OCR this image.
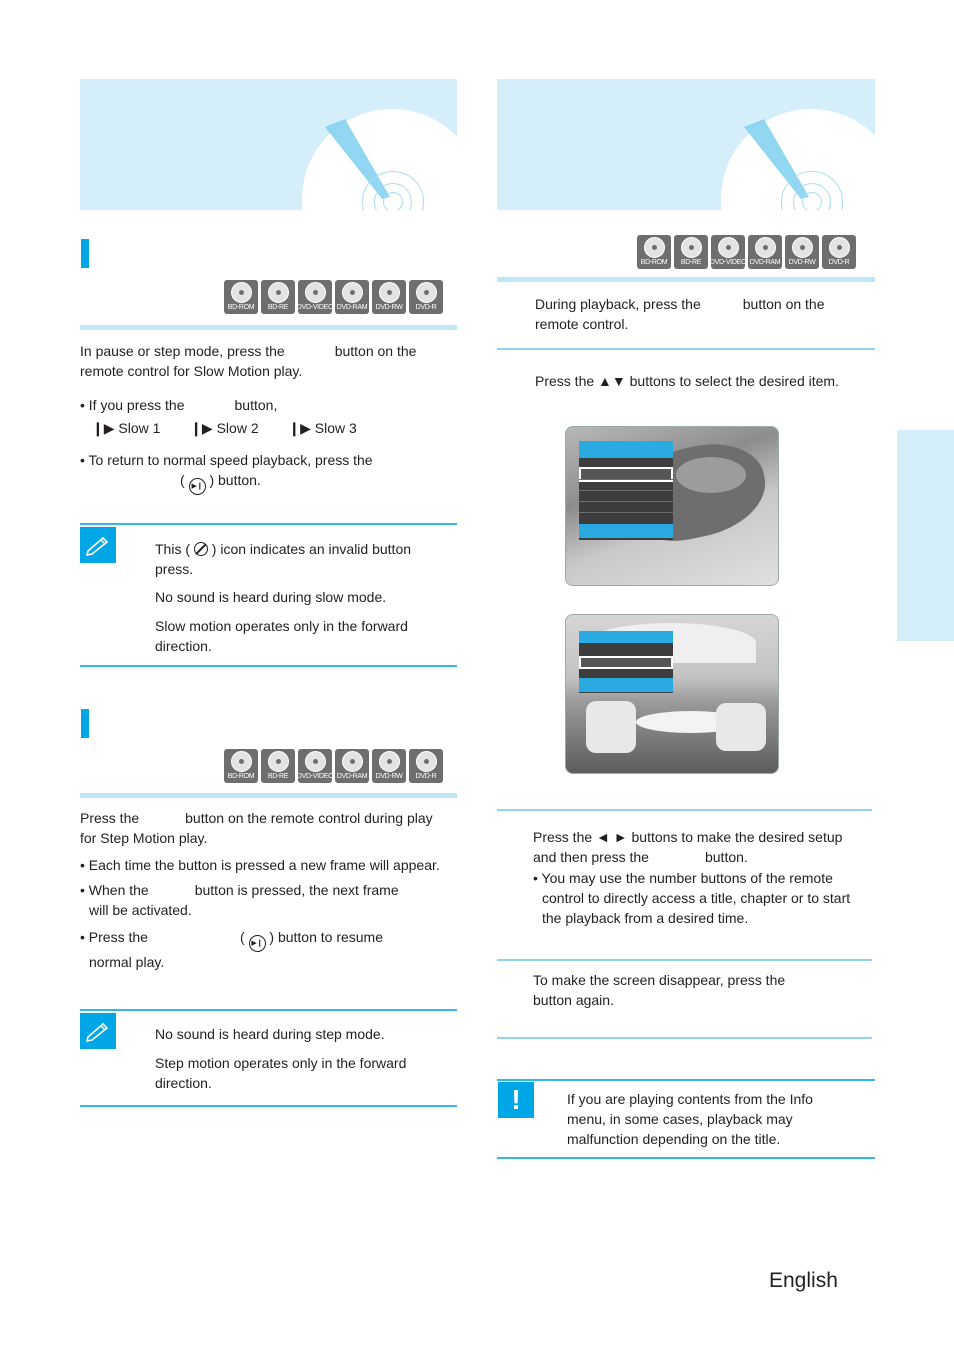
BD-ROM BD-RE DVD-VIDEO DVD-RAM DVD-RW DVD-R
In pause or step mode, press the	button on the
remote control for Slow Motion play.
• If you press the	button,
❙▶ Slow 1 ❙▶ Slow 2 ❙▶ Slow 3
• To return to normal speed playback, press the
( ▶❙ ) button.
This ( ) icon indicates an invalid button
press.
No sound is heard during slow mode.
Slow motion operates only in the forward
direction.
BD-ROM BD-RE DVD-VIDEO DVD-RAM DVD-RW DVD-R
Press the	button on the remote control during play
for Step Motion play.
• Each time the button is pressed a new frame will appear.
• When the	button is pressed, the next frame
will be activated.
• Press the	( ▶❙ ) button to resume
normal play.
No sound is heard during step mode.
Step motion operates only in the forward
direction.
BD-ROM BD-RE DVD-VIDEO DVD-RAM DVD-RW DVD-R
During playback, press the	button on the
remote control.
Press the ▲▼ buttons to select the desired item.
Press the ◄ ► buttons to make the desired setup
and then press the	button.
• You may use the number buttons of the remote
control to directly access a title, chapter or to start
the playback from a desired time.
To make the screen disappear, press the
button again.
!	If you are playing contents from the Info
menu, in some cases, playback may
malfunction depending on the title.
English
